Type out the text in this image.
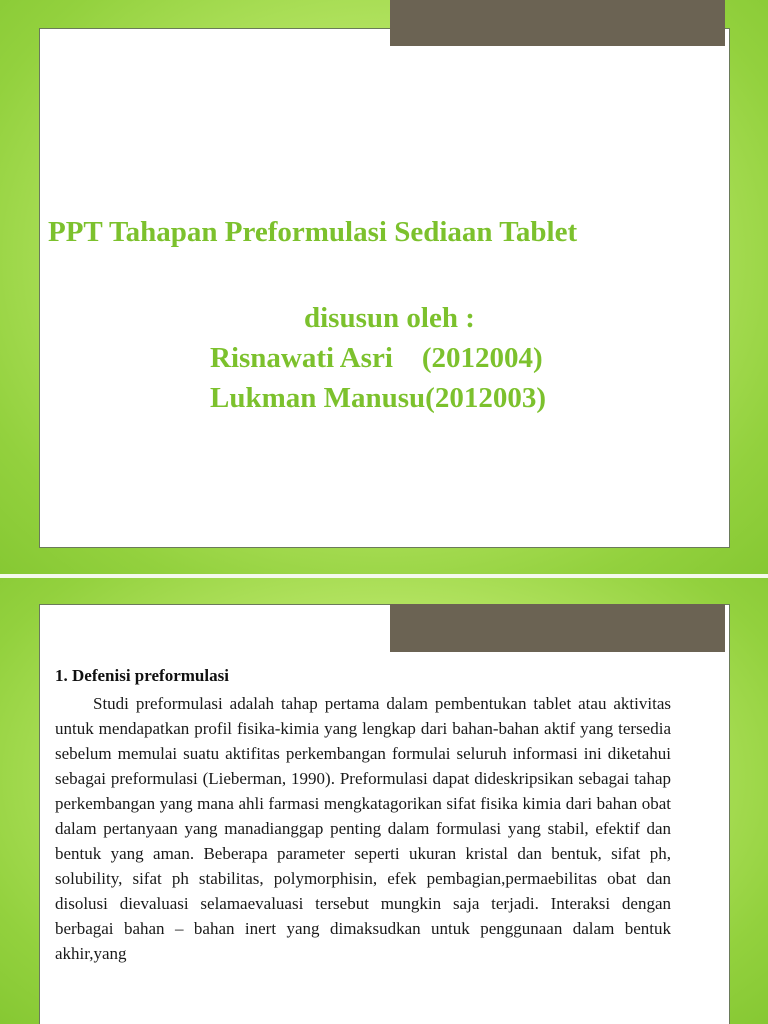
PPT Tahapan Preformulasi Sediaan Tablet
disusun oleh :
Risnawati Asri    (2012004)
Lukman Manusu(2012003)
1. Defenisi preformulasi

Studi preformulasi adalah tahap pertama dalam pembentukan tablet atau aktivitas untuk mendapatkan profil fisika-kimia yang lengkap dari bahan-bahan aktif yang tersedia sebelum memulai suatu aktifitas perkembangan formulai seluruh informasi ini diketahui sebagai preformulasi (Lieberman, 1990). Preformulasi dapat dideskripsikan sebagai tahap perkembangan yang mana ahli farmasi mengkatagorikan sifat fisika kimia dari bahan obat dalam pertanyaan yang manadianggap penting dalam formulasi yang stabil, efektif dan bentuk yang aman. Beberapa parameter seperti ukuran kristal dan bentuk, sifat ph, solubility, sifat ph stabilitas, polymorphisin, efek pembagian,permaebilitas obat dan disolusi dievaluasi selamaevaluasi tersebut mungkin saja terjadi. Interaksi dengan berbagai bahan – bahan inert yang dimaksudkan untuk penggunaan dalam bentuk akhir,yang
